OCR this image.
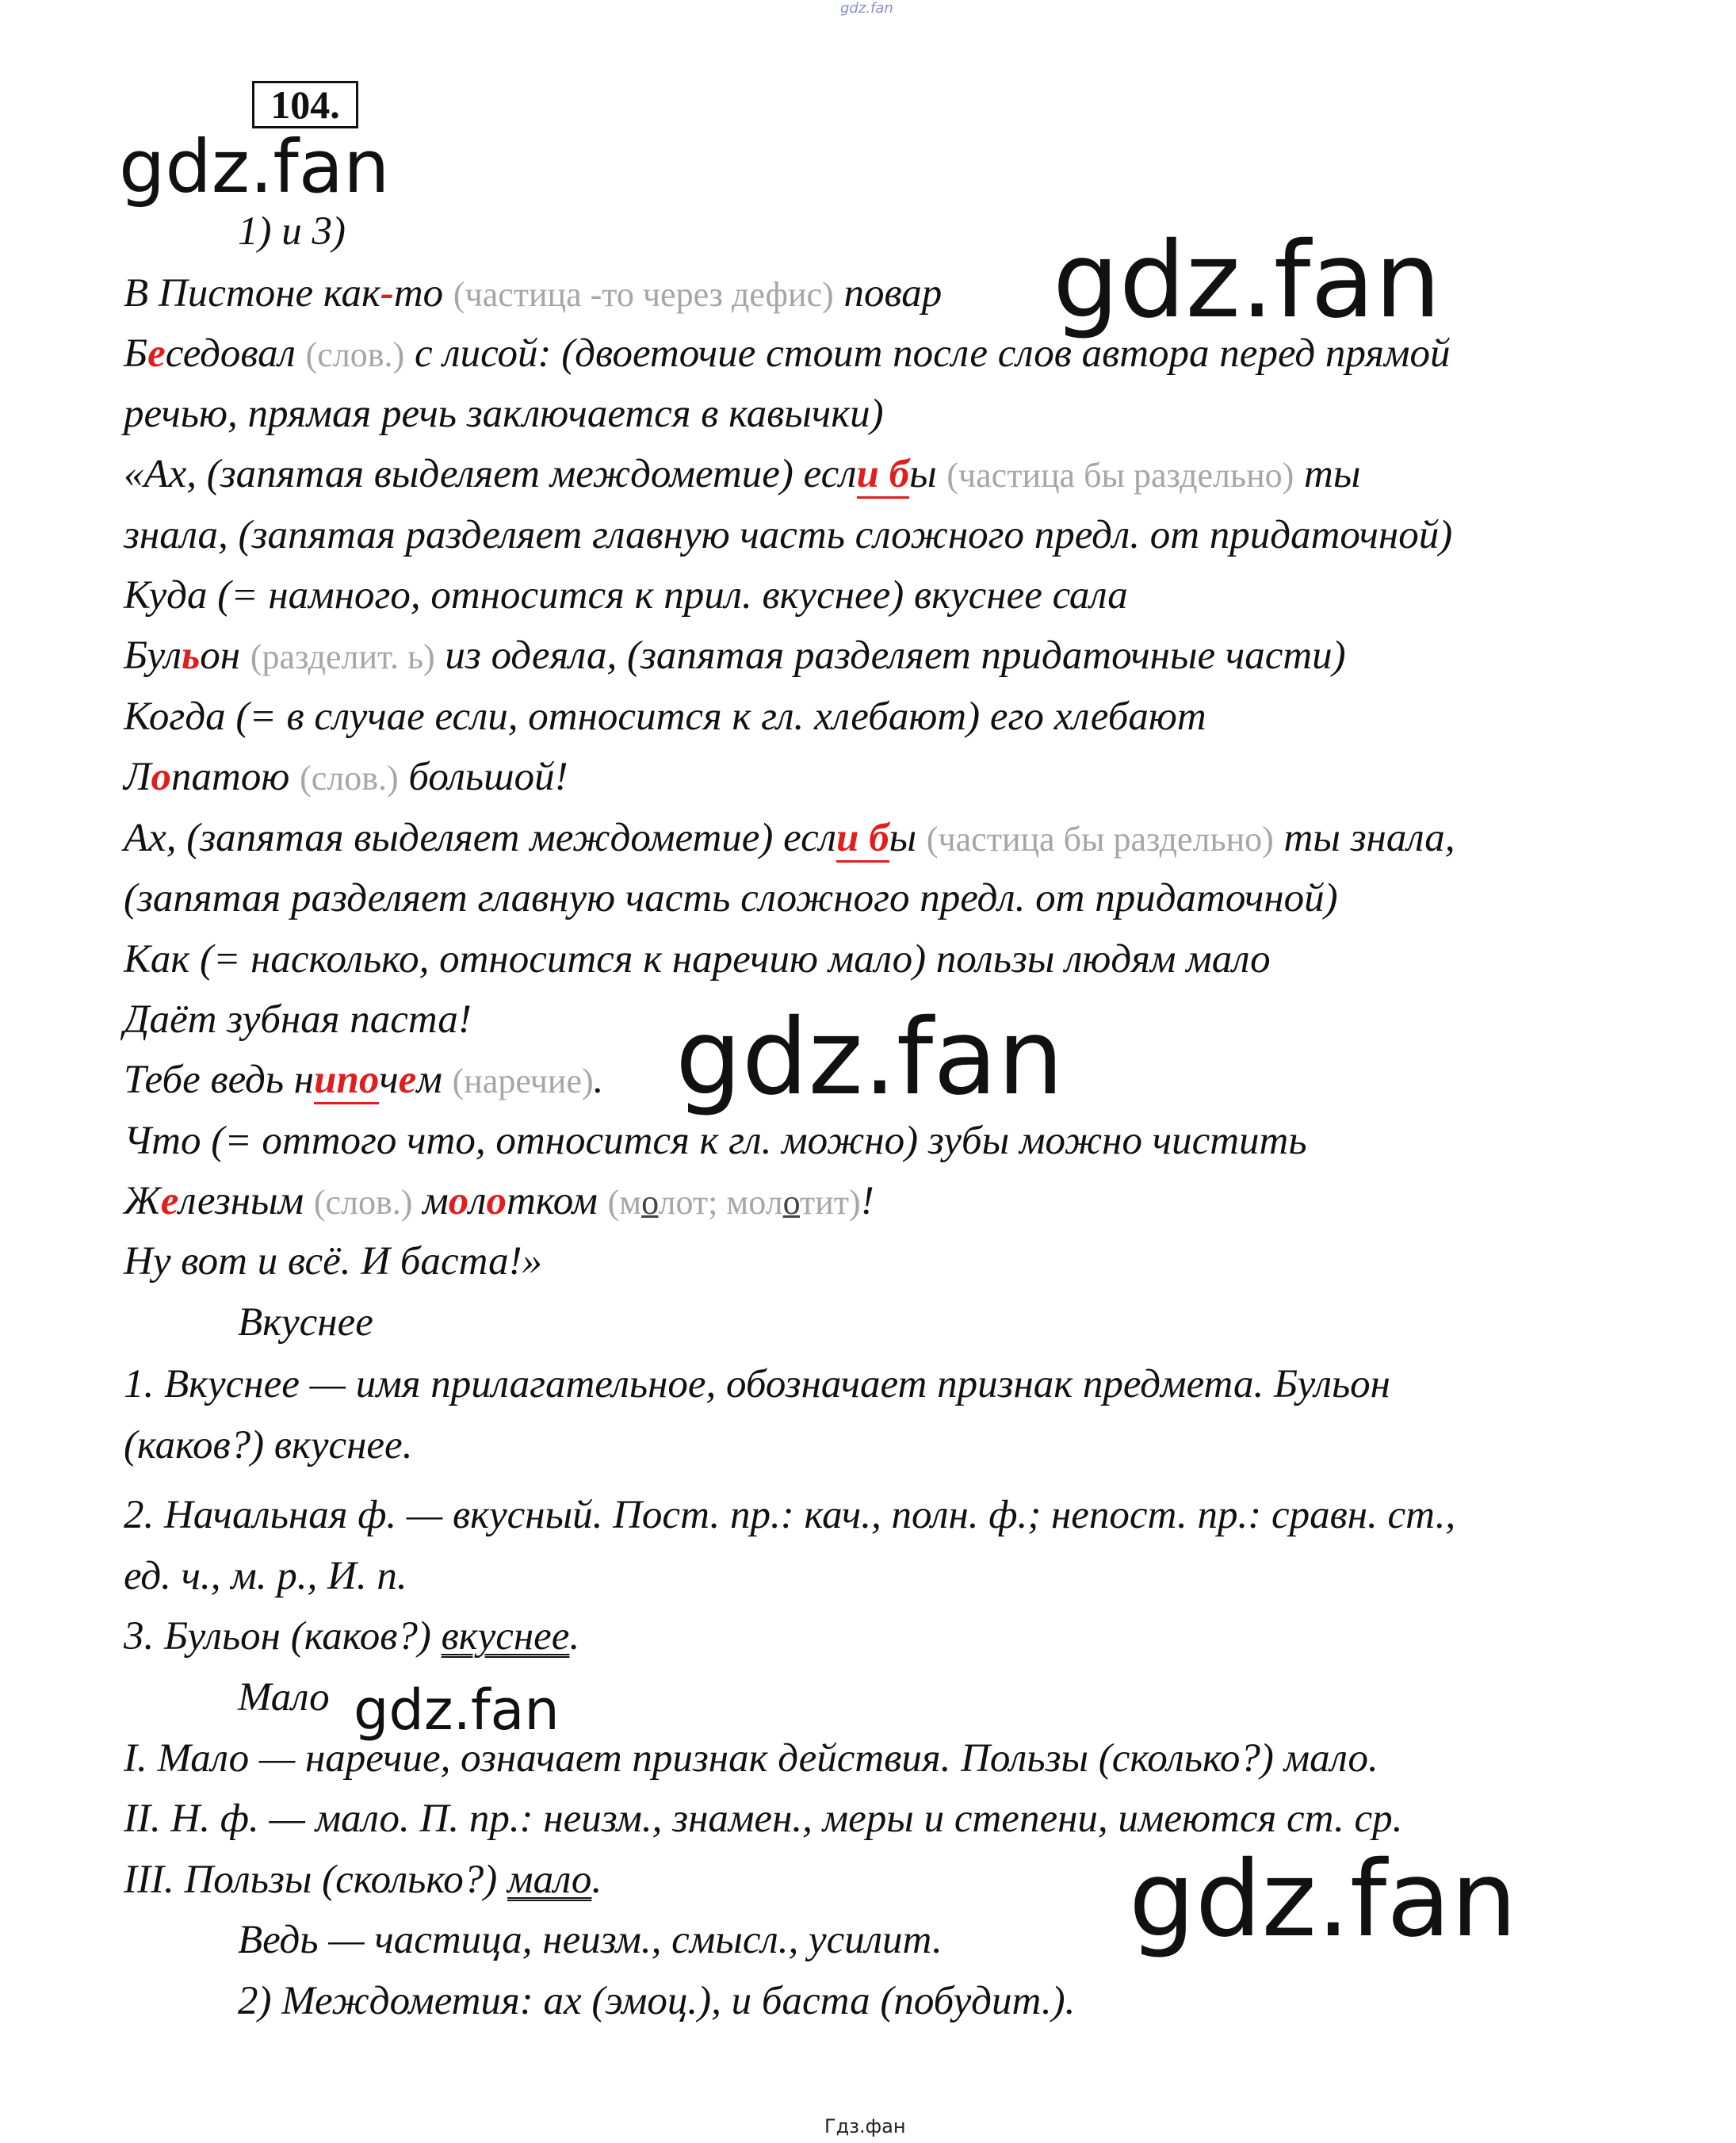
gdz.fan
104.
gdz.fan
gdz.fan
gdz.fan
gdz.fan
gdz.fan

1) и 3)

В Пистоне как-то (частица -то через дефис) повар

Беседовал (слов.) с лисой: (двоеточие стоит после слов автора перед прямой

речью, прямая речь заключается в кавычки)

«Ах, (запятая выделяет междометие) если бы (частица бы раздельно) ты

знала, (запятая разделяет главную часть сложного предл. от придаточной)

Куда (= намного, относится к прил. вкуснее) вкуснее сала

Бульон (разделит. ь) из одеяла, (запятая разделяет придаточные части)

Когда (= в случае если, относится к гл. хлебают) его хлебают

Лопатою (слов.) большой!

Ах, (запятая выделяет междометие) если бы (частица бы раздельно) ты знала,

(запятая разделяет главную часть сложного предл. от придаточной)

Как (= насколько, относится к наречию мало) пользы людям мало

Даёт зубная паста!

Тебе ведь нипочем (наречие).

Что (= оттого что, относится к гл. можно) зубы можно чистить

Железным (слов.) молотком (молот; молотит)!

Ну вот и всё. И баста!»

Вкуснее

1. Вкуснее — имя прилагательное, обозначает признак предмета. Бульон

(каков?) вкуснее.

2. Начальная ф. — вкусный. Пост. пр.: кач., полн. ф.; непост. пр.: сравн. ст.,

ед. ч., м. р., И. п.

3. Бульон (каков?) вкуснее.

Мало

I. Мало — наречие, означает признак действия. Пользы (сколько?) мало.

II. Н. ф. — мало. П. пр.: неизм., знамен., меры и степени, имеются ст. ср.

III. Пользы (сколько?) мало.

Ведь — частица, неизм., смысл., усилит.

2) Междометия: ах (эмоц.), и баста (побудит.).

Гдз.фан
